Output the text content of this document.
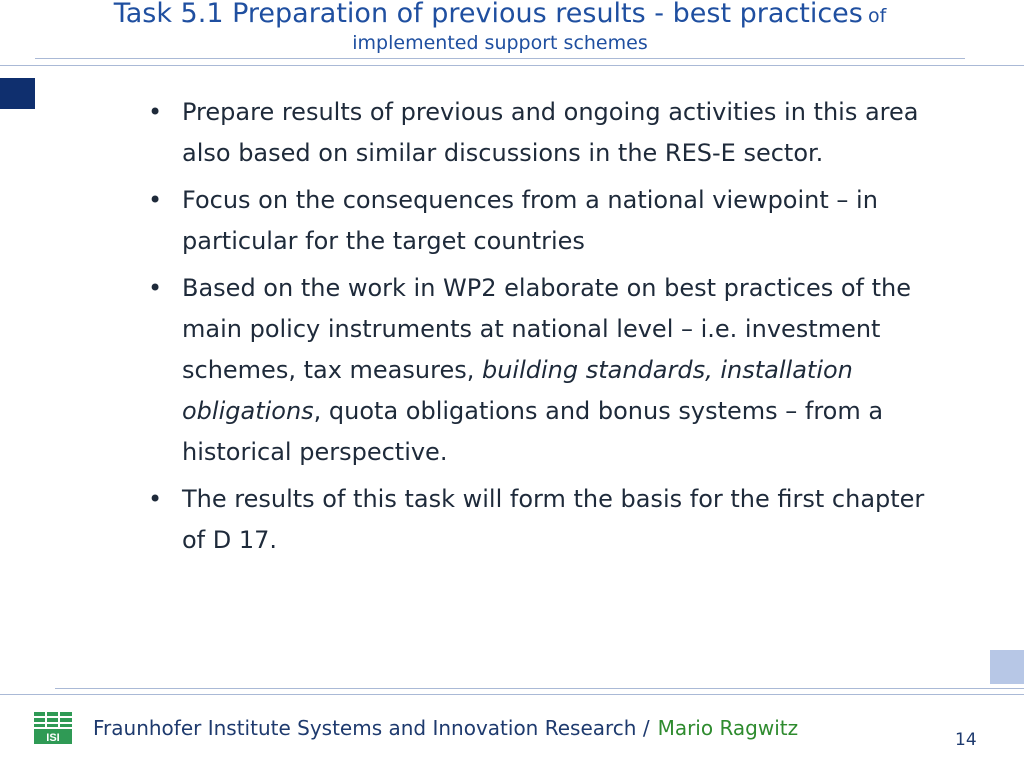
Task 5.1 Preparation of previous results - best practices of
implemented support schemes
• Prepare results of previous and ongoing activities in this area also based on similar discussions in the RES-E sector.
• Focus on the consequences from a national viewpoint – in particular for the target countries
• Based on the work in WP2 elaborate on best practices of the main policy instruments at national level – i.e. investment schemes, tax measures, building standards, installation obligations, quota obligations and bonus systems – from a historical perspective.
• The results of this task will form the basis for the first chapter of D 17.
ISI Fraunhofer Institute Systems and Innovation Research / Mario Ragwitz	14
